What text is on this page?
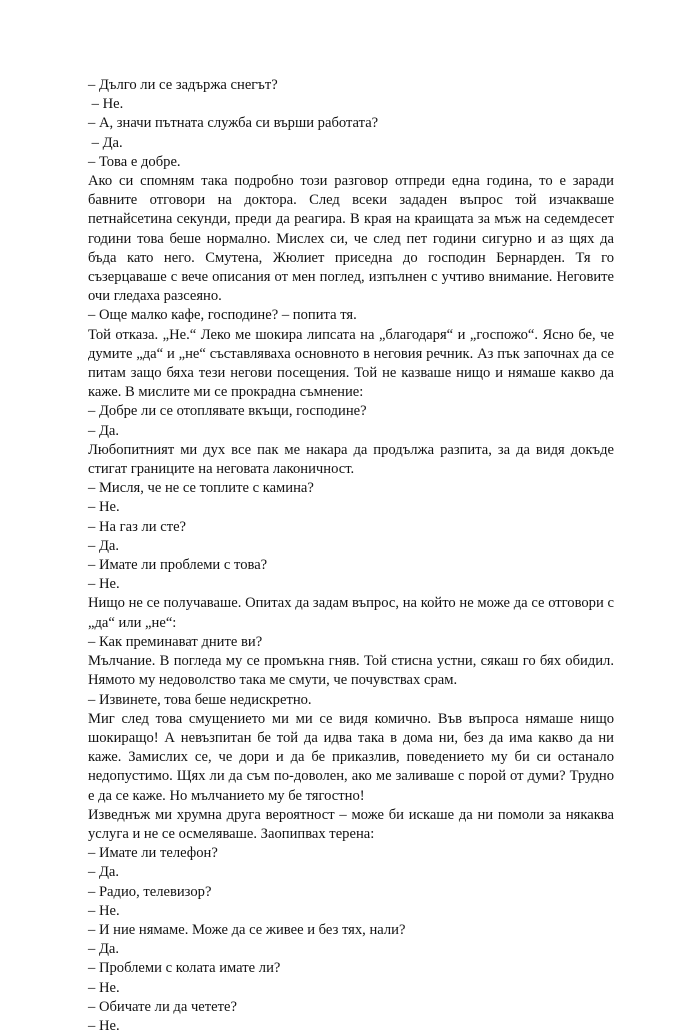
– Дълго ли се задържа снегът?

– Не.

– А, значи пътната служба си върши работата?

– Да.

– Това е добре.

Ако си спомням така подробно този разговор отпреди една година, то е заради бавните отговори на доктора. След всеки зададен въпрос той изчакваше петнайсетина секунди, преди да реагира. В края на краищата за мъж на седемдесет години това беше нормално. Мислех си, че след пет години сигурно и аз щях да бъда като него. Смутена, Жюлиет приседна до господин Бернарден. Тя го съзерцаваше с вече описания от мен поглед, изпълнен с учтиво внимание. Неговите очи гледаха разсеяно.

– Още малко кафе, господине? – попита тя.

Той отказа. „Не.“ Леко ме шокира липсата на „благодаря“ и „госпожо“. Ясно бе, че думите „да“ и „не“ съставляваха основното в неговия речник. Аз пък започнах да се питам защо бяха тези негови посещения. Той не казваше нищо и нямаше какво да каже. В мислите ми се прокрадна съмнение:

– Добре ли се отоплявате вкъщи, господине?

– Да.

Любопитният ми дух все пак ме накара да продължа разпита, за да видя докъде стигат границите на неговата лаконичност.

– Мисля, че не се топлите с камина?

– Не.

– На газ ли сте?

– Да.

– Имате ли проблеми с това?

– Не.

Нищо не се получаваше. Опитах да задам въпрос, на който не може да се отговори с „да“ или „не“:

– Как преминават дните ви?

Мълчание. В погледа му се промъкна гняв. Той стисна устни, сякаш го бях обидил. Нямото му недоволство така ме смути, че почувствах срам.

– Извинете, това беше недискретно.

Миг след това смущението ми ми се видя комично. Във въпроса нямаше нищо шокиращо! А невъзпитан бе той да идва така в дома ни, без да има какво да ни каже. Замислих се, че дори и да бе приказлив, поведението му би си останало недопустимо. Щях ли да съм по-доволен, ако ме заливаше с порой от думи? Трудно е да се каже. Но мълчанието му бе тягостно!

Изведнъж ми хрумна друга вероятност – може би искаше да ни помоли за някаква услуга и не се осмеляваше. Заопипвах терена:

– Имате ли телефон?

– Да.

– Радио, телевизор?

– Не.

– И ние нямаме. Може да се живее и без тях, нали?

– Да.

– Проблеми с колата имате ли?

– Не.

– Обичате ли да четете?

– Не.
